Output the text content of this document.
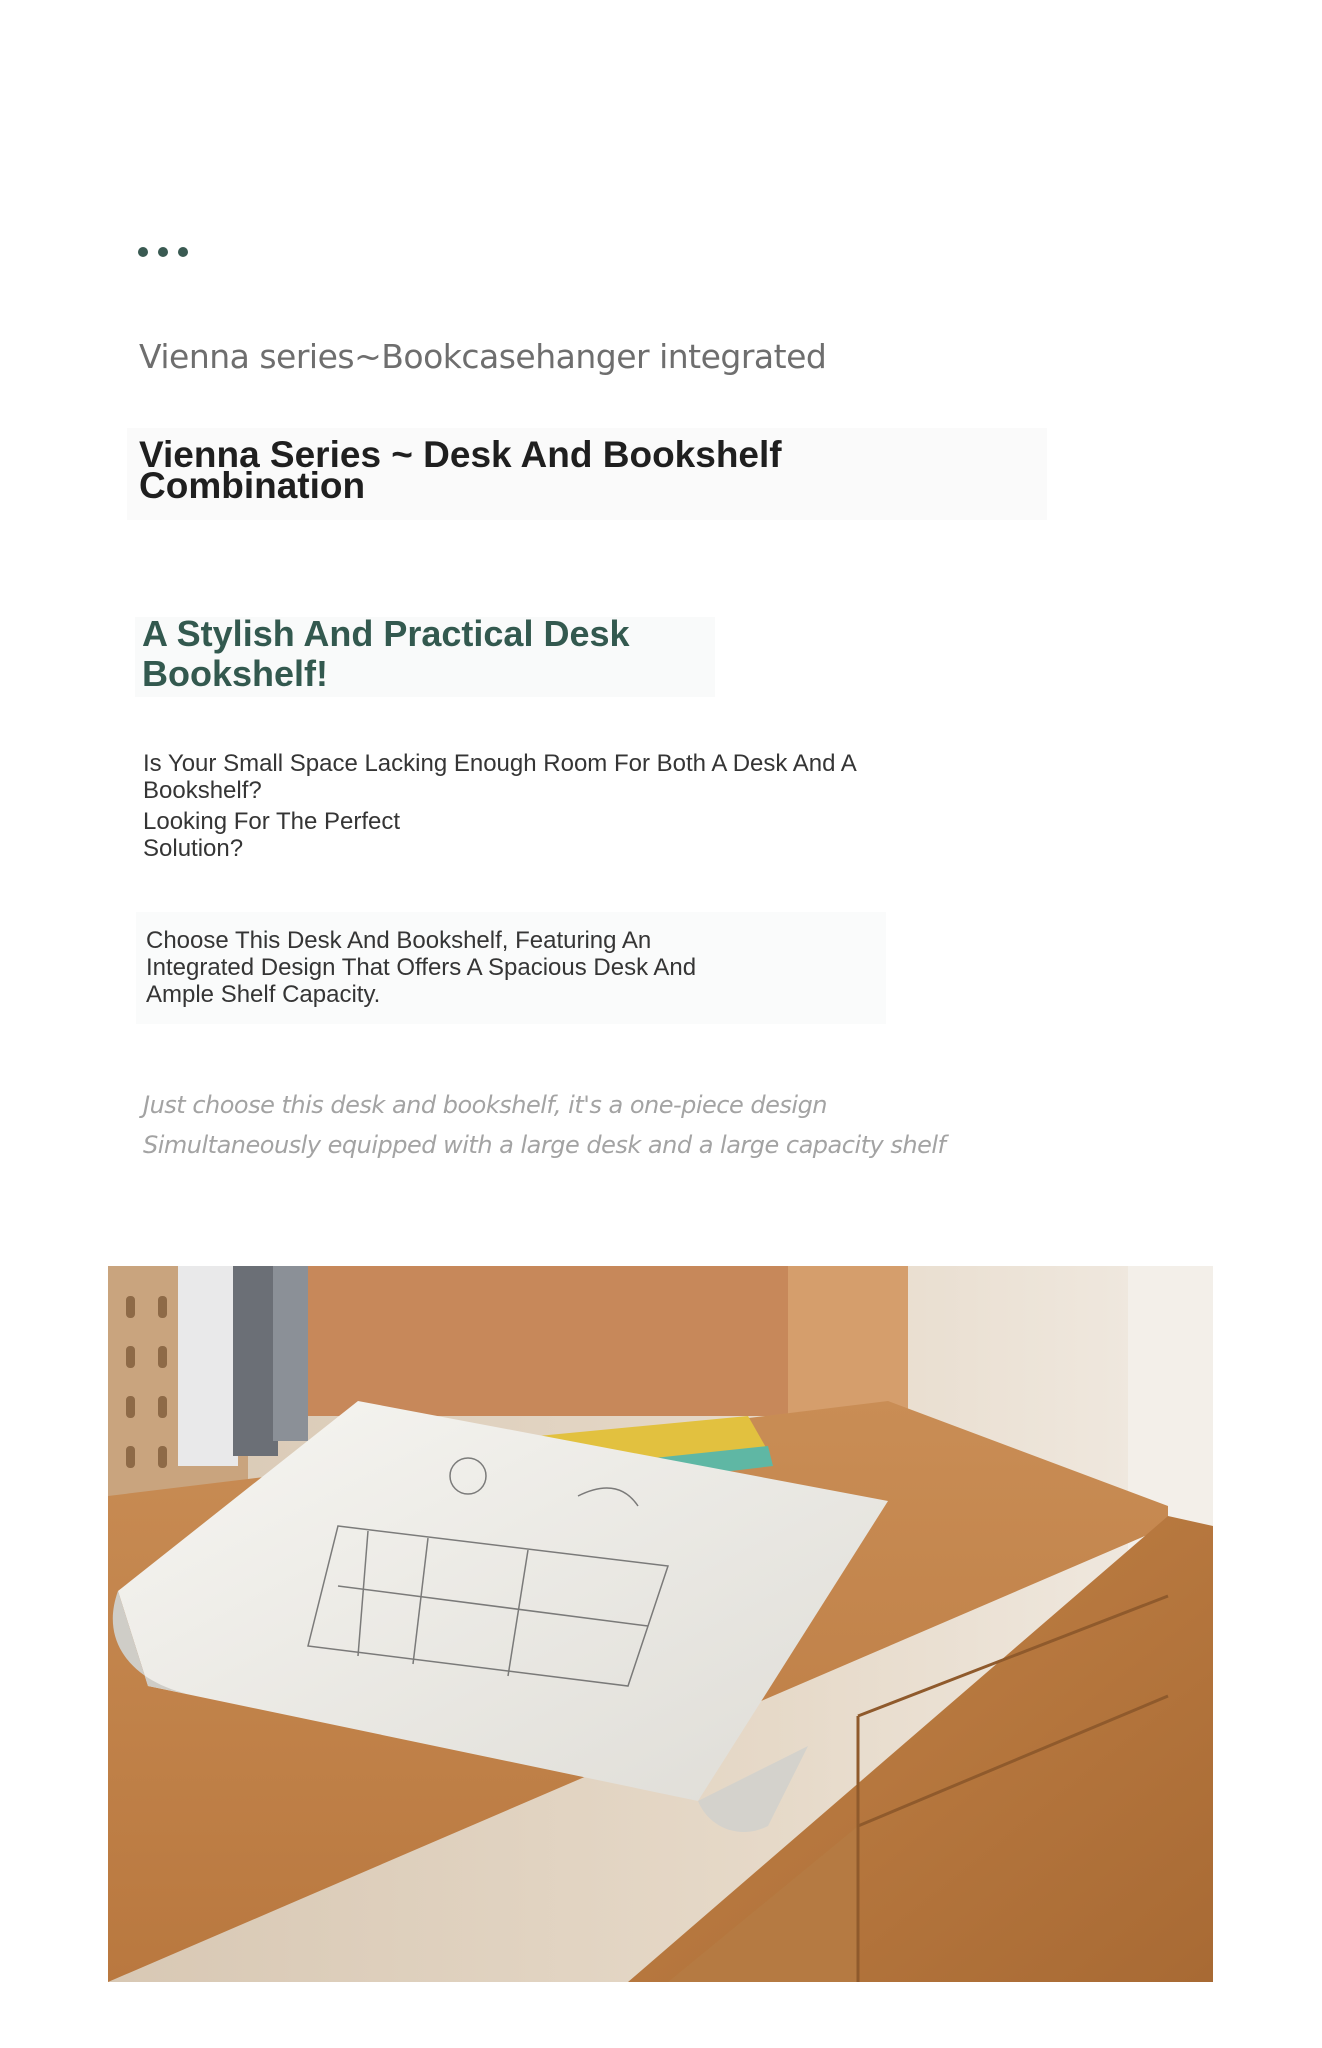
Vienna series~Bookcasehanger integrated
Vienna Series ~ Desk And Bookshelf Combination
A Stylish And Practical Desk Bookshelf!

Is Your Small Space Lacking Enough Room For Both A Desk And A Bookshelf?

Looking For The Perfect Solution?

Choose This Desk And Bookshelf, Featuring An Integrated Design That Offers A Spacious Desk And Ample Shelf Capacity.

Just choose this desk and bookshelf, it's a one-piece design

Simultaneously equipped with a large desk and a large capacity shelf
